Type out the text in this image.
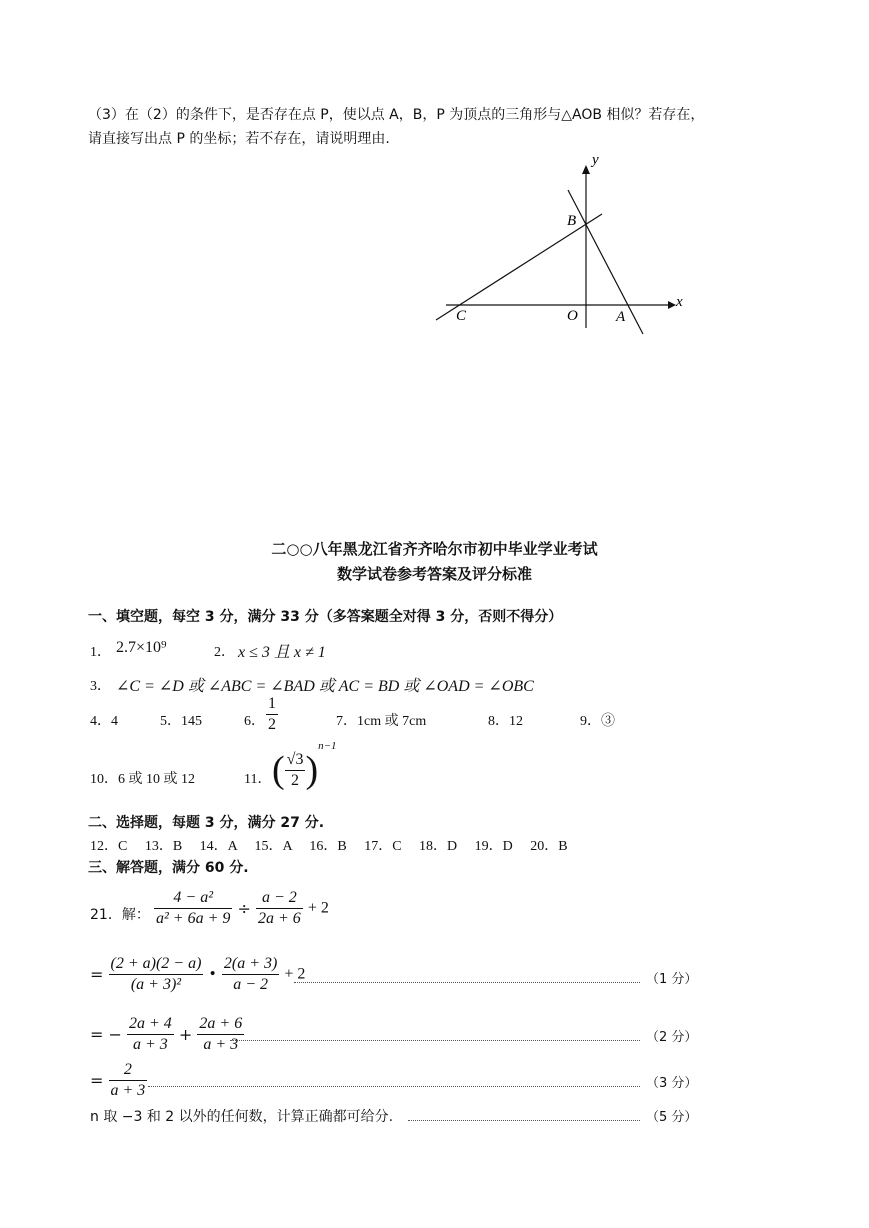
（3）在（2）的条件下，是否存在点 P，使以点 A，B，P 为顶点的三角形与△AOB 相似？若存在，
请直接写出点 P 的坐标；若不存在，请说明理由.
y
x
B
C	O	A
二○○八年黑龙江省齐齐哈尔市初中毕业学业考试
数学试卷参考答案及评分标准
一、填空题，每空 3 分，满分 33 分（多答案题全对得 3 分，否则不得分）
1． 2.7×10⁹	2． x ≤ 3 且 x ≠ 1
3． ∠C = ∠D 或 ∠ABC = ∠BAD 或 AC = BD 或 ∠OAD = ∠OBC
4．4	5．145	6． $\frac{1}{2}$	7．1cm 或 7cm	8．12	9．③
10．6 或 10 或 12	11． ( $\frac{√3}{2} )^{n-1}$
二、选择题，每题 3 分，满分 27 分.
12．C　 13．B　 14．A　 15．A　 16．B　 17．C　 18．D　 19．D　 20．B
三、解答题，满分 60 分.
21．解： $\frac{\text{4 − a²}}{\text{a² + 6a + 9}} \div \frac{a - 2}{2a + 6} + 2$
= $\frac{(2 + a)(2 - a)}{\text{(a + 3)²}}$ • $\frac{2(a + 3)}{a - 2} + 2$	（1 分）
= − $\frac{2a + 4}{a + 3} + \frac{2a + 6}{a + 3}$	（2 分）
= $\frac{2}{a + 3}$	（3 分）
n 取 −3 和 2 以外的任何数，计算正确都可给分.	（5 分）
